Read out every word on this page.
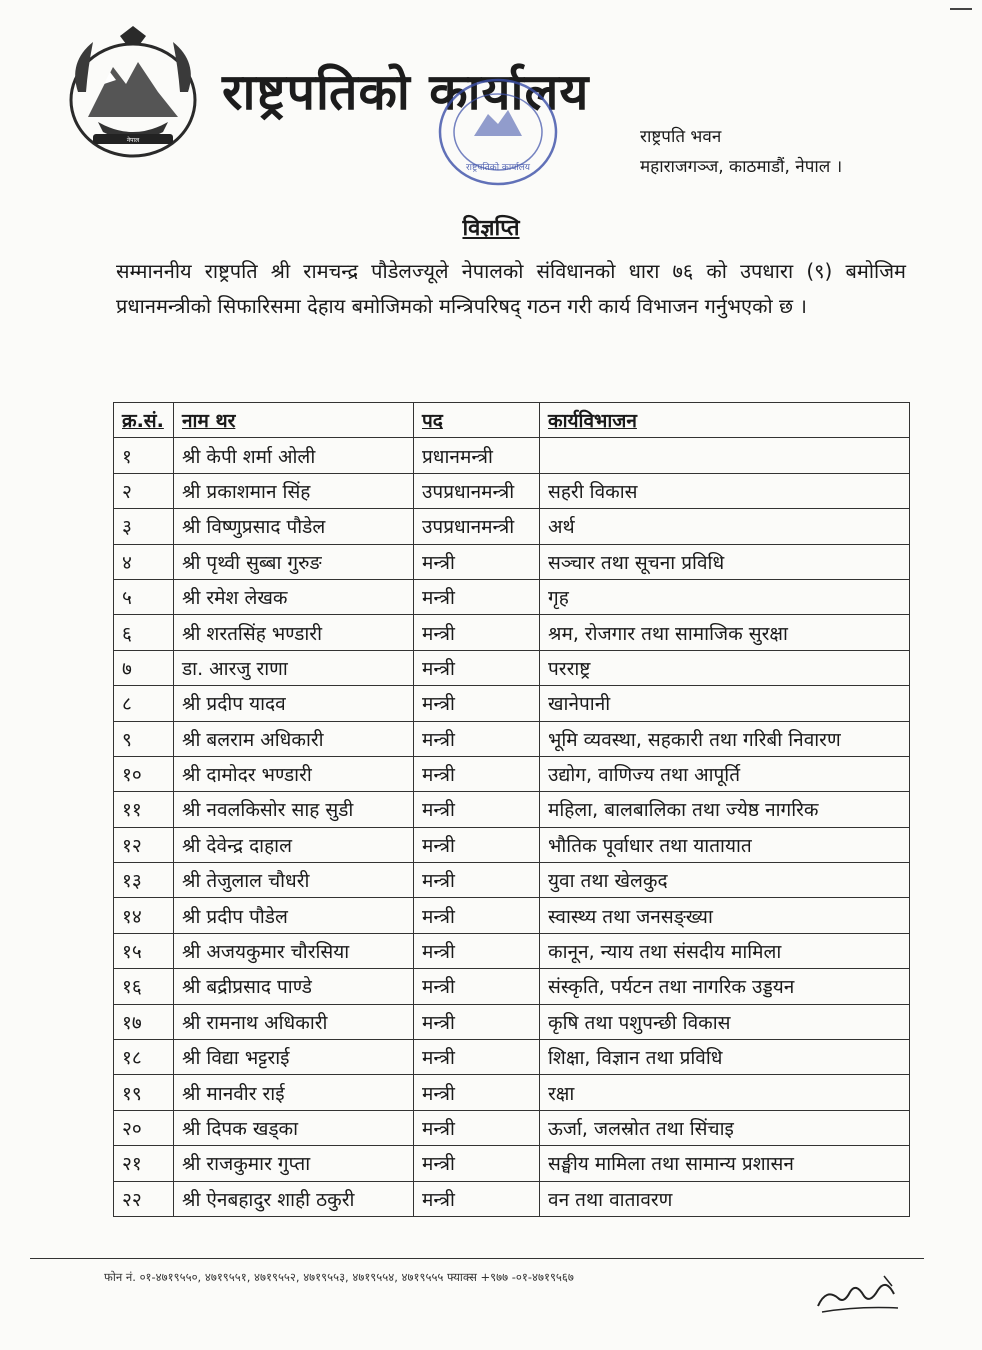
नेपाल
राष्ट्रपतिको कार्यालय
राष्ट्रपतिको कार्यालय
राष्ट्रपति भवन
महाराजगञ्ज, काठमाडौं, नेपाल ।
विज्ञप्ति
सम्माननीय राष्ट्रपति श्री रामचन्द्र पौडेलज्यूले नेपालको संविधानको धारा ७६ को उपधारा (९) बमोजिम प्रधानमन्त्रीको सिफारिसमा देहाय बमोजिमको मन्त्रिपरिषद् गठन गरी कार्य विभाजन गर्नुभएको छ ।
क्र.सं.	नाम थर	पद	कार्यविभाजन
१	श्री केपी शर्मा ओली	प्रधानमन्त्री	
२	श्री प्रकाशमान सिंह	उपप्रधानमन्त्री	सहरी विकास
३	श्री विष्णुप्रसाद पौडेल	उपप्रधानमन्त्री	अर्थ
४	श्री पृथ्वी सुब्बा गुरुङ	मन्त्री	सञ्चार तथा सूचना प्रविधि
५	श्री रमेश लेखक	मन्त्री	गृह
६	श्री शरतसिंह भण्डारी	मन्त्री	श्रम, रोजगार तथा सामाजिक सुरक्षा
७	डा. आरजु राणा	मन्त्री	परराष्ट्र
८	श्री प्रदीप यादव	मन्त्री	खानेपानी
९	श्री बलराम अधिकारी	मन्त्री	भूमि व्यवस्था, सहकारी तथा गरिबी निवारण
१०	श्री दामोदर भण्डारी	मन्त्री	उद्योग, वाणिज्य तथा आपूर्ति
११	श्री नवलकिसोर साह सुडी	मन्त्री	महिला, बालबालिका तथा ज्येष्ठ नागरिक
१२	श्री देवेन्द्र दाहाल	मन्त्री	भौतिक पूर्वाधार तथा यातायात
१३	श्री तेजुलाल चौधरी	मन्त्री	युवा तथा खेलकुद
१४	श्री प्रदीप पौडेल	मन्त्री	स्वास्थ्य तथा जनसङ्ख्या
१५	श्री अजयकुमार चौरसिया	मन्त्री	कानून, न्याय तथा संसदीय मामिला
१६	श्री बद्रीप्रसाद पाण्डे	मन्त्री	संस्कृति, पर्यटन तथा नागरिक उड्डयन
१७	श्री रामनाथ अधिकारी	मन्त्री	कृषि तथा पशुपन्छी विकास
१८	श्री विद्या भट्टराई	मन्त्री	शिक्षा, विज्ञान तथा प्रविधि
१९	श्री मानवीर राई	मन्त्री	रक्षा
२०	श्री दिपक खड्का	मन्त्री	ऊर्जा, जलस्रोत तथा सिंचाइ
२१	श्री राजकुमार गुप्ता	मन्त्री	सङ्घीय मामिला तथा सामान्य प्रशासन
२२	श्री ऐनबहादुर शाही ठकुरी	मन्त्री	वन तथा वातावरण
फोन नं. ०१-४७१९५५०, ४७१९५५१, ४७१९५५२, ४७१९५५३, ४७१९५५४, ४७१९५५५ फ्याक्स +९७७ -०१-४७१९५६७
